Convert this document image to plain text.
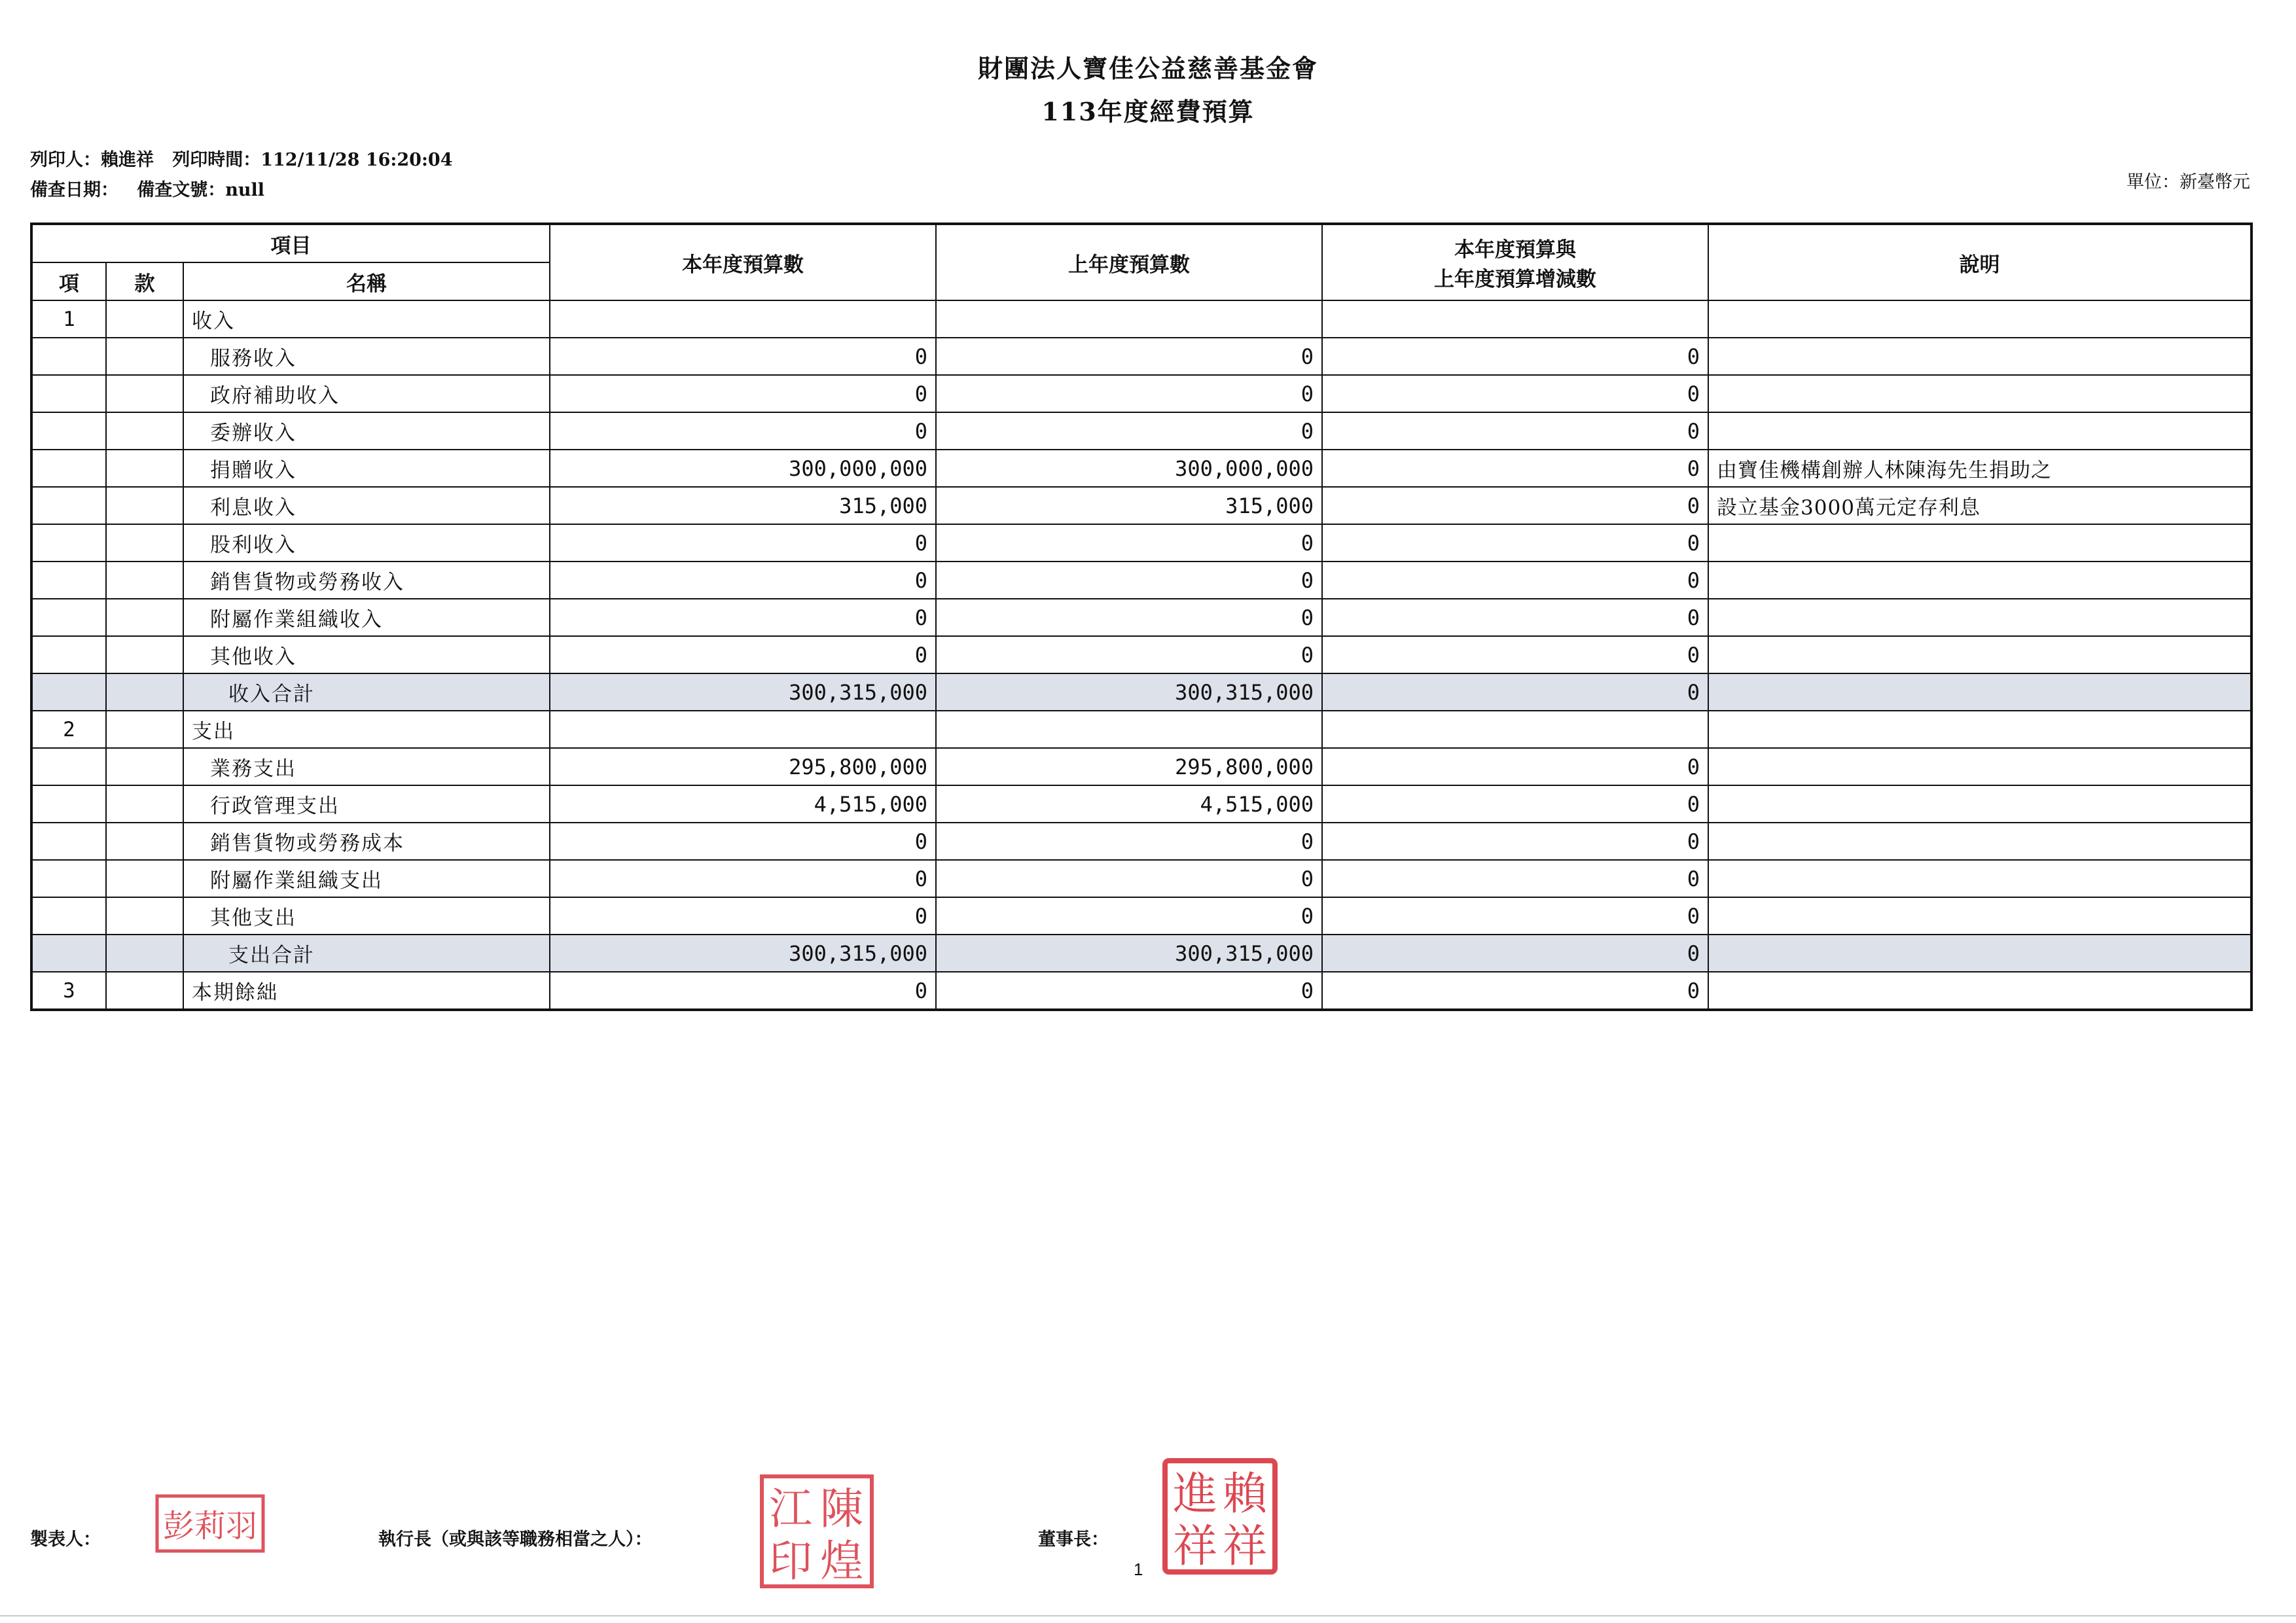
財團法人寶佳公益慈善基金會
113年度經費預算
列印人：賴進祥 列印時間：112/11/28 16:20:04
備查日期： 備查文號：null	單位：新臺幣元
項目			本年度預算數	上年度預算數	本年度預算與
上年度預算增減數	說明
項	款	名稱				
1		收入				
		服務收入	0	0	0	
		政府補助收入	0	0	0	
		委辦收入	0	0	0	
		捐贈收入	300,000,000	300,000,000	0	由寶佳機構創辦人林陳海先生捐助之
		利息收入	315,000	315,000	0	設立基金3000萬元定存利息
		股利收入	0	0	0	
		銷售貨物或勞務收入	0	0	0	
		附屬作業組織收入	0	0	0	
		其他收入	0	0	0	
		收入合計	300,315,000	300,315,000	0	
2		支出				
		業務支出	295,800,000	295,800,000	0	
		行政管理支出	4,515,000	4,515,000	0	
		銷售貨物或勞務成本	0	0	0	
		附屬作業組織支出	0	0	0	
		其他支出	0	0	0	
		支出合計	300,315,000	300,315,000	0	
3		本期餘絀	0	0	0	
製表人：	執行長（或與該等職務相當之人）：	董事長：
1
彭莉羽	陳
煌
江
印
賴
祥
進
祥
